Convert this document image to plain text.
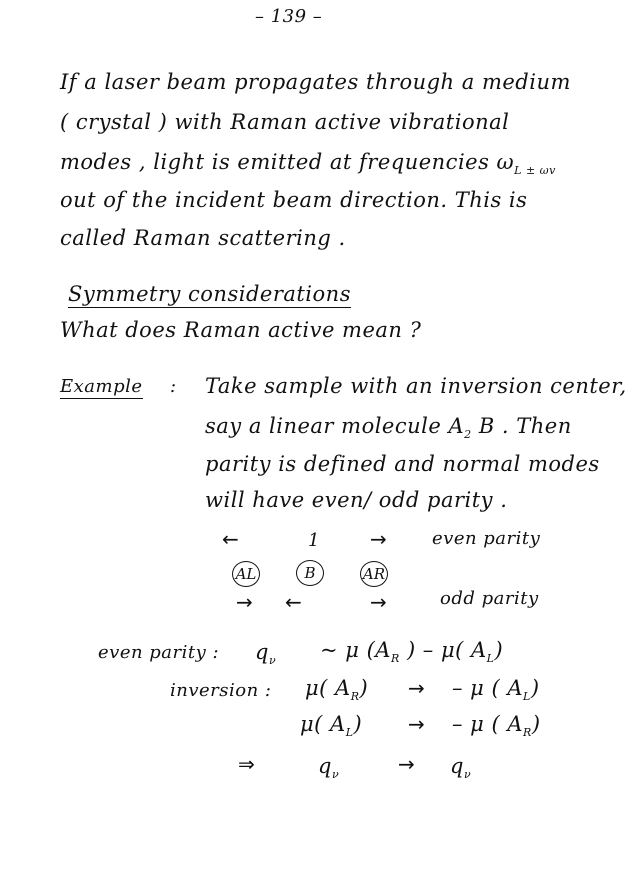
– 139 –
If a laser beam propagates through a medium
( crystal ) with Raman active vibrational
modes , light is emitted at frequencies $\omega_{L \pm \omega v}$
out of the incident beam direction. This is
called Raman scattering .
Symmetry considerations
What does Raman active mean ?
Example : Take sample with an inversion center,
say a linear molecule $A_2$ B . Then
parity is defined and normal modes
will have even/ odd parity .
←	1	→	even parity
AL	B	AR
→ ←	→	odd parity
even parity : $q_\nu$ ~ μ ($A_R$ ) – μ( $A_L$)
inversion : μ( $A_R$) → – μ ( $A_L$)
μ( $A_L$) → – μ ( $A_R$)
⇒	$q_\nu$	→ $q_\nu$
